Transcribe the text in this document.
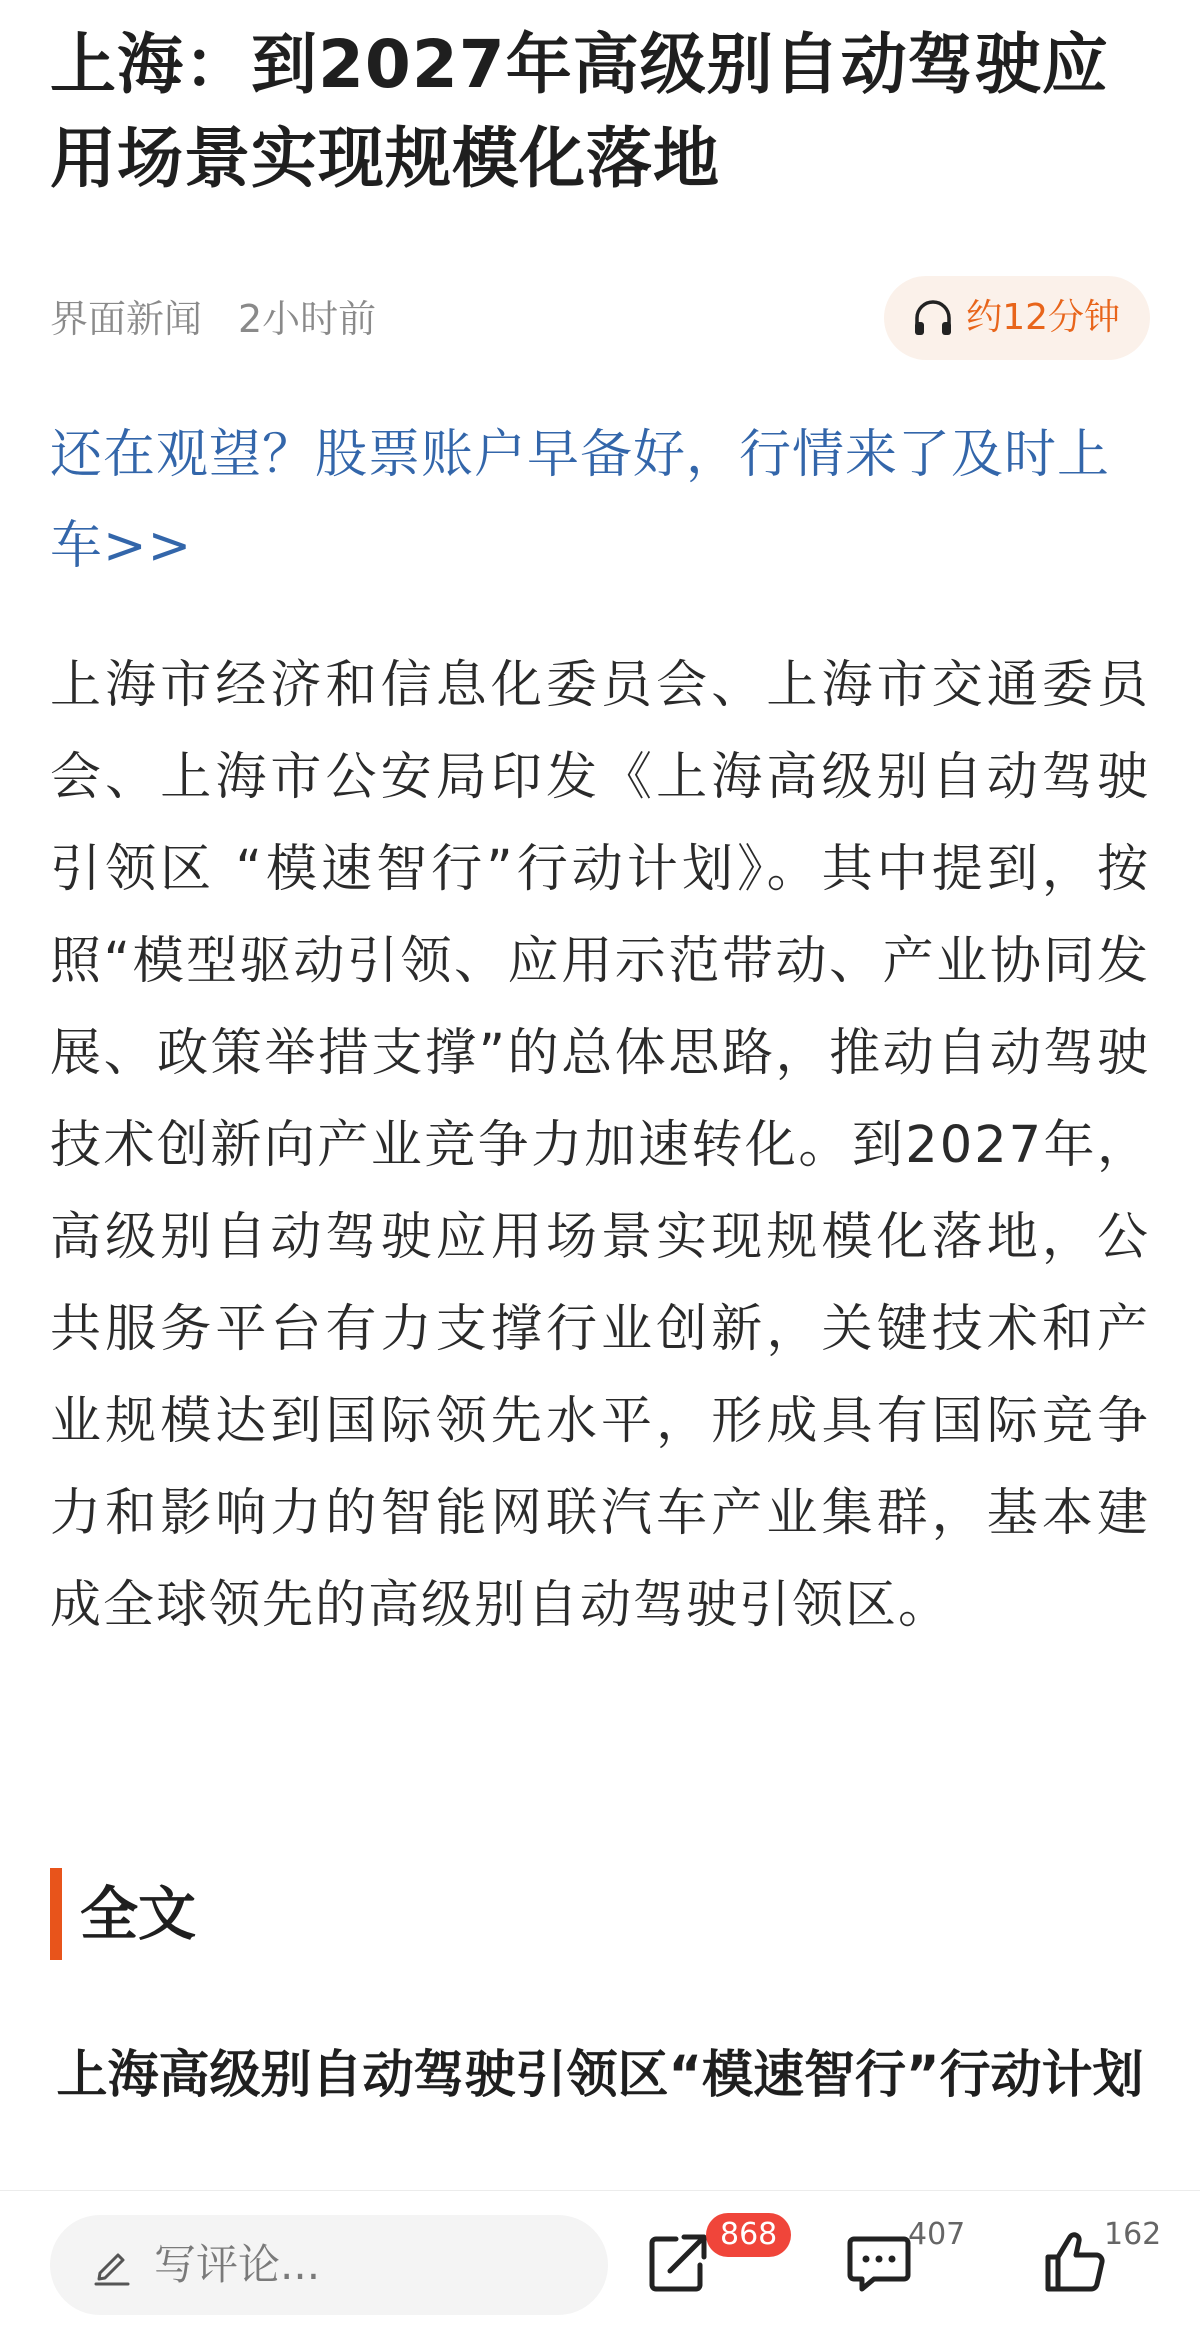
上海：到2027年高级别自动驾驶应用场景实现规模化落地
界面新闻 2小时前	约12分钟
还在观望？股票账户早备好，行情来了及时上车>>

上海市经济和信息化委员会、上海市交通委员会、上海市公安局印发《上海高级别自动驾驶引领区 “模速智行”行动计划》。其中提到，按照“模型驱动引领、应用示范带动、产业协同发展、政策举措支撑”的总体思路，推动自动驾驶技术创新向产业竞争力加速转化。到2027年，高级别自动驾驶应用场景实现规模化落地，公共服务平台有力支撑行业创新，关键技术和产业规模达到国际领先水平，形成具有国际竞争力和影响力的智能网联汽车产业集群，基本建成全球领先的高级别自动驾驶引领区。

全文
上海高级别自动驾驶引领区“模速智行”行动计划
写评论...
868	407	162
